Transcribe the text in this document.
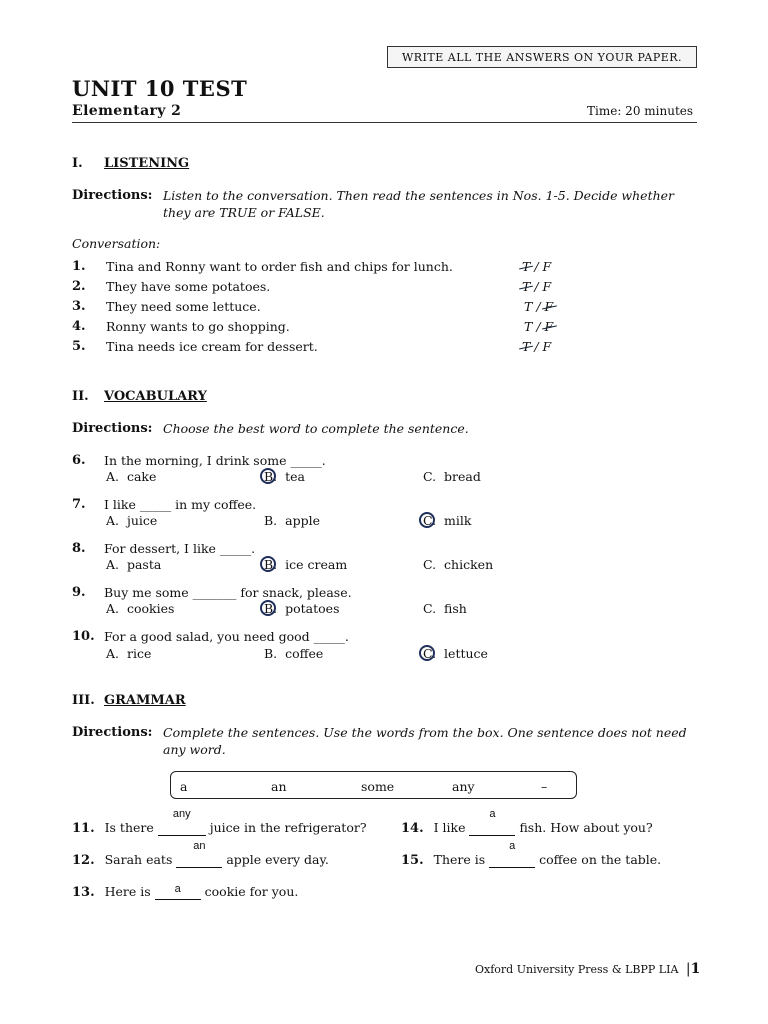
WRITE ALL THE ANSWERS ON YOUR PAPER.
UNIT 10 TEST
Elementary 2	Time: 20 minutes
I. LISTENING
Directions: Listen to the conversation. Then read the sentences in Nos. 1-5. Decide whether they are TRUE or FALSE.
Conversation:
1. Tina and Ronny want to order fish and chips for lunch.	T / F
2. They have some potatoes.	T / F
3. They need some lettuce.	T / F
4. Ronny wants to go shopping.	T / F
5. Tina needs ice cream for dessert.	T / F
II. VOCABULARY
Directions: Choose the best word to complete the sentence.
6. In the morning, I drink some _____.
A. cake	B. tea	C. bread
7. I like _____ in my coffee.
A. juice	B. apple	C. milk
8. For dessert, I like _____.
A. pasta	B. ice cream	C. chicken
9. Buy me some _______ for snack, please.
A. cookies	B. potatoes	C. fish
10. For a good salad, you need good _____.
A. rice	B. coffee	C. lettuce
III. GRAMMAR
Directions: Complete the sentences. Use the words from the box. One sentence does not need any word.
a	an	some	any	–
11. Is there
any
juice in the refrigerator?
12. Sarah eats
an
apple every day.
13. Here is	a	cookie for you.
14. I like
a
fish. How about you?
15. There is
a
coffee on the table.
Oxford University Press & LBPP LIA |1
